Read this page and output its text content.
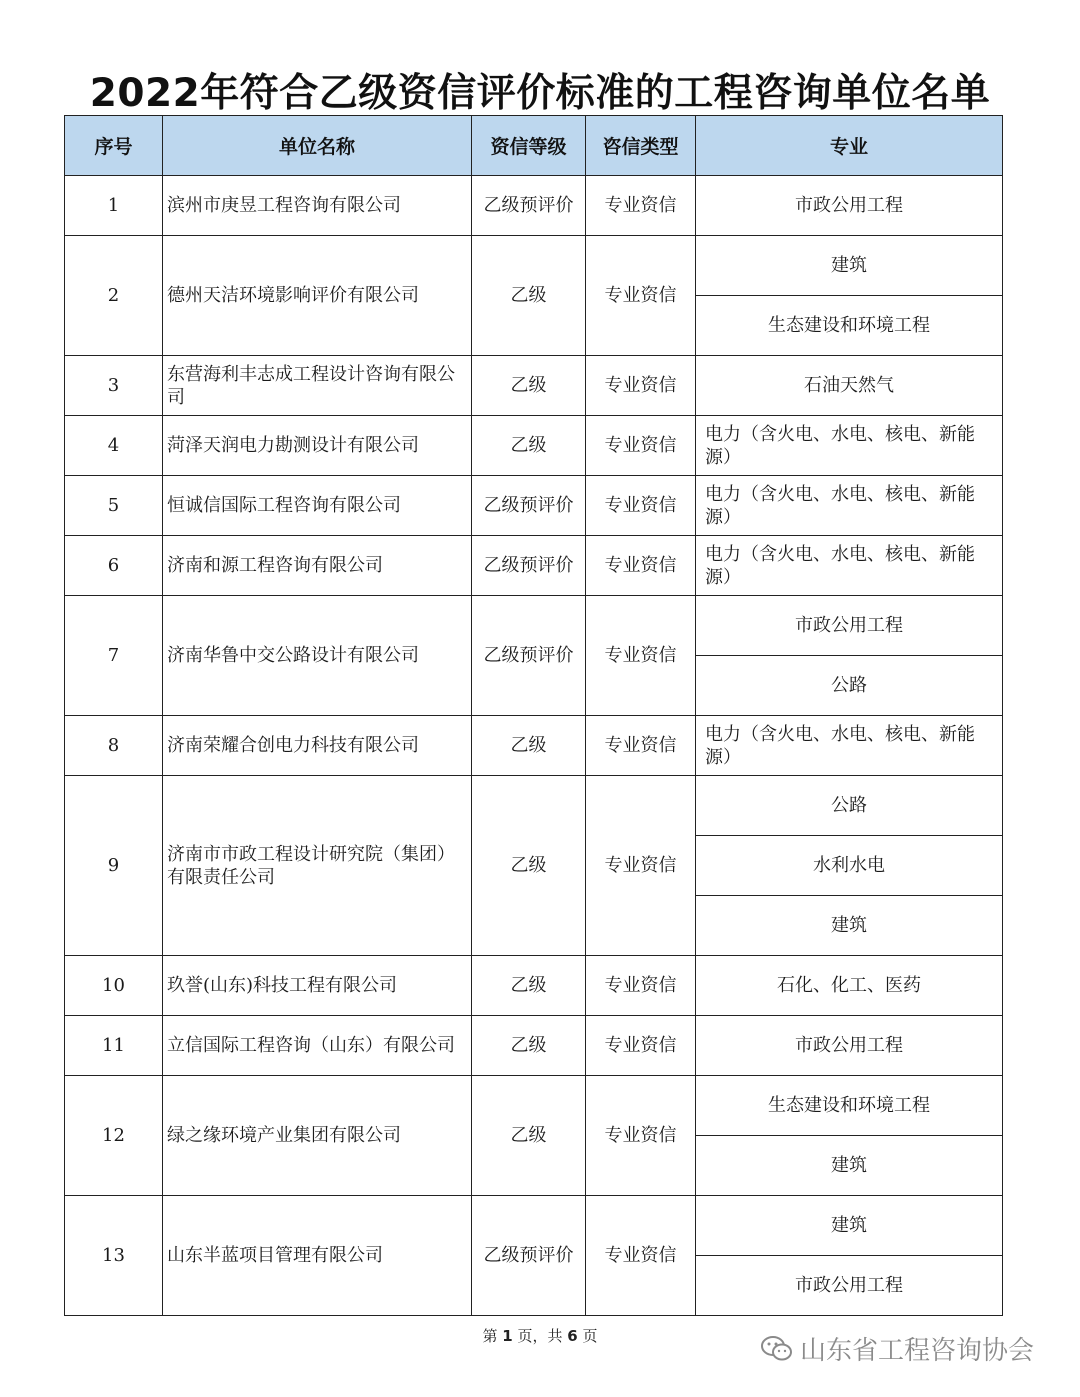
2022年符合乙级资信评价标准的工程咨询单位名单
序号	单位名称	资信等级	咨信类型	专业
1	滨州市庚昱工程咨询有限公司	乙级预评价	专业资信	市政公用工程
2	德州天洁环境影响评价有限公司	乙级	专业资信	建筑
				生态建设和环境工程
3	东营海利丰志成工程设计咨询有限公司	乙级	专业资信	石油天然气
4	菏泽天润电力勘测设计有限公司	乙级	专业资信	电力（含火电、水电、核电、新能源）
5	恒诚信国际工程咨询有限公司	乙级预评价	专业资信	电力（含火电、水电、核电、新能源）
6	济南和源工程咨询有限公司	乙级预评价	专业资信	电力（含火电、水电、核电、新能源）
7	济南华鲁中交公路设计有限公司	乙级预评价	专业资信	市政公用工程
				公路
8	济南荣耀合创电力科技有限公司	乙级	专业资信	电力（含火电、水电、核电、新能源）
9	济南市市政工程设计研究院（集团）有限责任公司	乙级	专业资信	公路
				水利水电
				建筑
10	玖誉(山东)科技工程有限公司	乙级	专业资信	石化、化工、医药
11	立信国际工程咨询（山东）有限公司	乙级	专业资信	市政公用工程
12	绿之缘环境产业集团有限公司	乙级	专业资信	生态建设和环境工程
				建筑
13	山东半蓝项目管理有限公司	乙级预评价	专业资信	建筑
				市政公用工程
第 1 页，共 6 页	山东省工程咨询协会
